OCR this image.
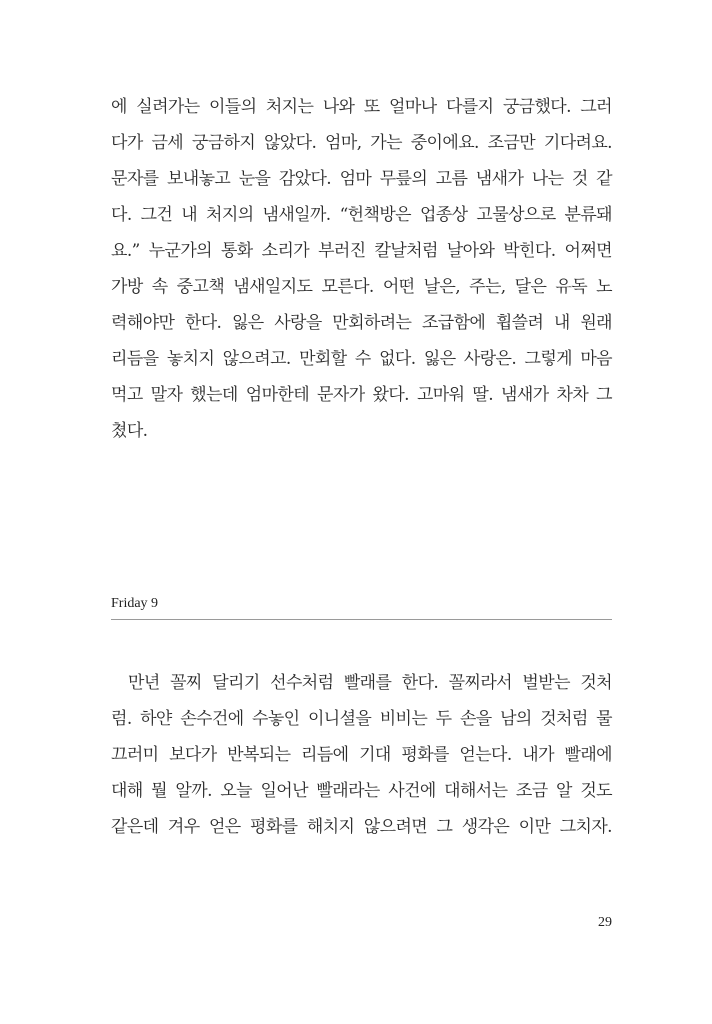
에 실려가는 이들의 처지는 나와 또 얼마나 다를지 궁금했다. 그러
다가 금세 궁금하지 않았다. 엄마, 가는 중이에요. 조금만 기다려요.
문자를 보내놓고 눈을 감았다. 엄마 무릎의 고름 냄새가 나는 것 같
다. 그건 내 처지의 냄새일까. “헌책방은 업종상 고물상으로 분류돼
요.” 누군가의 통화 소리가 부러진 칼날처럼 날아와 박힌다. 어쩌면
가방 속 중고책 냄새일지도 모른다. 어떤 날은, 주는, 달은 유독 노
력해야만 한다. 잃은 사랑을 만회하려는 조급함에 휩쓸려 내 원래
리듬을 놓치지 않으려고. 만회할 수 없다. 잃은 사랑은. 그렇게 마음
먹고 말자 했는데 엄마한테 문자가 왔다. 고마워 딸. 냄새가 차차 그
쳤다.
Friday 9
만년 꼴찌 달리기 선수처럼 빨래를 한다. 꼴찌라서 벌받는 것처
럼. 하얀 손수건에 수놓인 이니셜을 비비는 두 손을 남의 것처럼 물
끄러미 보다가 반복되는 리듬에 기대 평화를 얻는다. 내가 빨래에
대해 뭘 알까. 오늘 일어난 빨래라는 사건에 대해서는 조금 알 것도
같은데 겨우 얻은 평화를 해치지 않으려면 그 생각은 이만 그치자.
29
